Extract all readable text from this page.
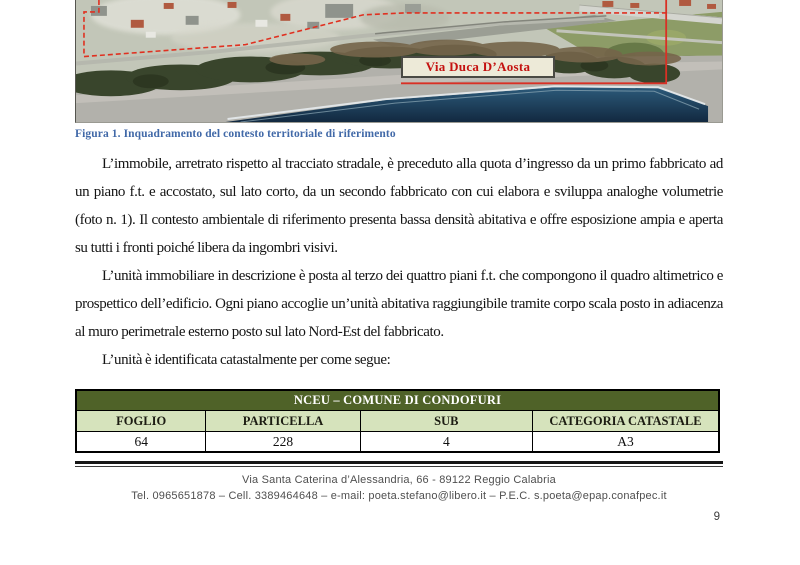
Via Duca D’Aosta
Figura 1. Inquadramento del contesto territoriale di riferimento

L’immobile, arretrato rispetto al tracciato stradale, è preceduto alla quota d’ingresso da un primo fabbricato ad un piano f.t. e accostato, sul lato corto, da un secondo fabbricato con cui elabora e sviluppa analoghe volumetrie (foto n. 1). Il contesto ambientale di riferimento presenta bassa densità abitativa e offre esposizione ampia e aperta su tutti i fronti poiché libera da ingombri visivi.

L’unità immobiliare in descrizione è posta al terzo dei quattro piani f.t. che compongono il quadro altimetrico e prospettico dell’edificio. Ogni piano accoglie un’unità abitativa raggiungibile tramite corpo scala posto in adiacenza al muro perimetrale esterno posto sul lato Nord-Est del fabbricato.

L’unità è identificata catastalmente per come segue:

NCEU – COMUNE DI CONDOFURI			
FOGLIO	PARTICELLA	SUB	CATEGORIA CATASTALE
64	228	4	A3
Via Santa Caterina d’Alessandria, 66 - 89122 Reggio Calabria
Tel. 0965651878 – Cell. 3389464648 – e-mail: poeta.stefano@libero.it – P.E.C. s.poeta@epap.conafpec.it
9
